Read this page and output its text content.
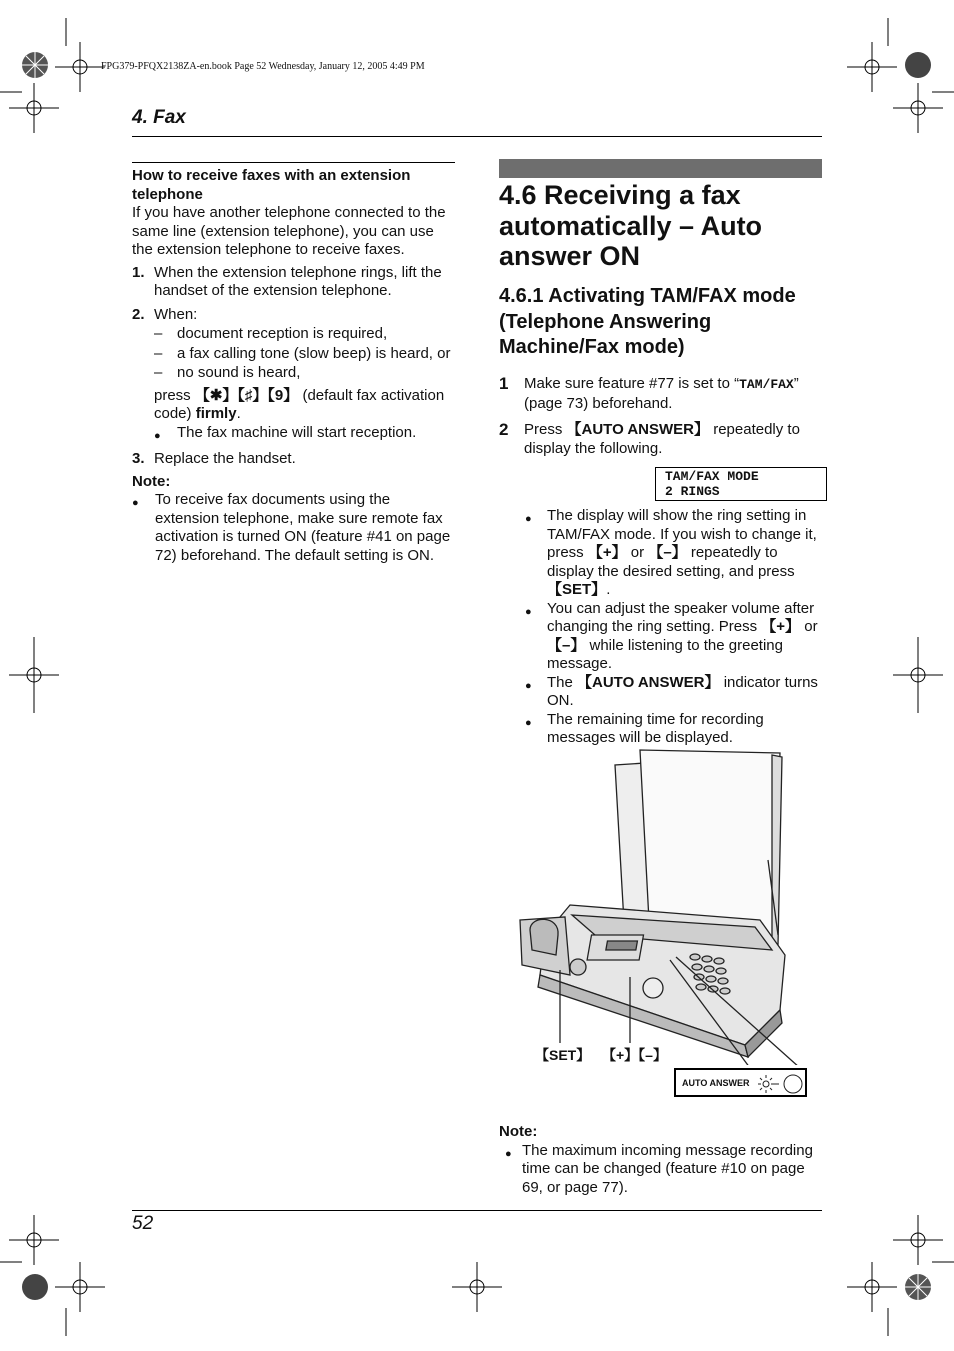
FPG379-PFQX2138ZA-en.book Page 52 Wednesday, January 12, 2005 4:49 PM
4. Fax
How to receive faxes with an extension
telephone
If you have another telephone connected to the same line (extension telephone), you can use the extension telephone to receive faxes.
1. When the extension telephone rings, lift the handset of the extension telephone.
2. When:
– document reception is required,
– a fax calling tone (slow beep) is heard, or
– no sound is heard,
press 【✱】【♯】【9】 (default fax activation code) firmly.
●	The fax machine will start reception.
3. Replace the handset.
Note:
●	To receive fax documents using the extension telephone, make sure remote fax activation is turned ON (feature #41 on page 72) beforehand. The default setting is ON.
4.6 Receiving a fax automatically – Auto answer ON
4.6.1 Activating TAM/FAX mode (Telephone Answering Machine/Fax mode)
1	Make sure feature #77 is set to “TAM/FAX” (page 73) beforehand.
2	Press 【AUTO ANSWER】 repeatedly to display the following.
TAM/FAX MODE
2 RINGS
●	The display will show the ring setting in TAM/FAX mode. If you wish to change it, press 【+】 or 【–】 repeatedly to display the desired setting, and press 【SET】.
●	You can adjust the speaker volume after changing the ring setting. Press 【+】 or 【–】 while listening to the greeting message.
●	The 【AUTO ANSWER】 indicator turns ON.
●	The remaining time for recording messages will be displayed.
【SET】 【+】【–】
AUTO ANSWER
Note:
● The maximum incoming message recording time can be changed (feature #10 on page 69, or page 77).
52
